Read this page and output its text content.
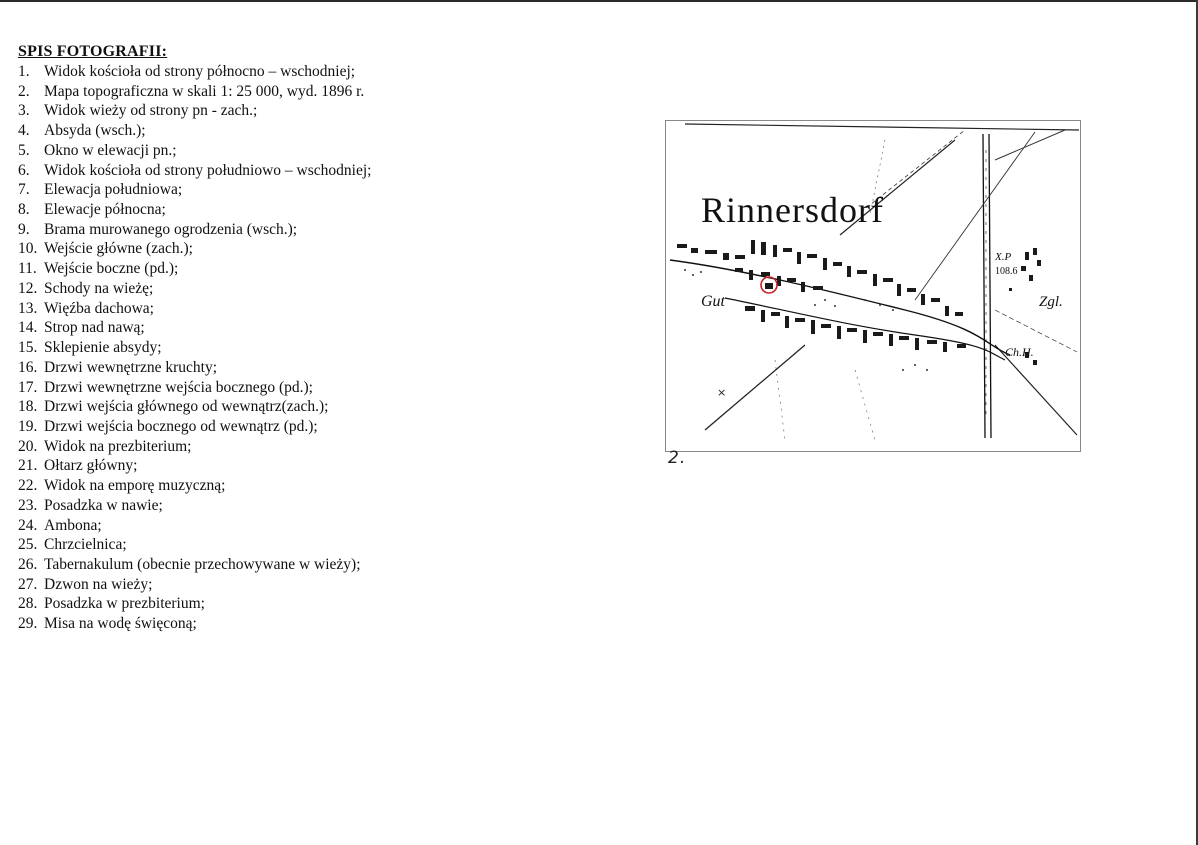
SPIS FOTOGRAFII:
1. Widok kościoła od strony północno – wschodniej;
2. Mapa topograficzna w skali 1: 25 000, wyd. 1896 r.
3. Widok wieży od strony pn - zach.;
4. Absyda (wsch.);
5. Okno w elewacji pn.;
6. Widok kościoła od strony południowo – wschodniej;
7. Elewacja południowa;
8. Elewacje północna;
9. Brama murowanego ogrodzenia (wsch.);
10. Wejście główne (zach.);
11. Wejście boczne (pd.);
12. Schody na wieżę;
13. Więźba dachowa;
14. Strop nad nawą;
15. Sklepienie absydy;
16. Drzwi wewnętrzne kruchty;
17. Drzwi wewnętrzne wejścia bocznego (pd.);
18. Drzwi wejścia głównego od wewnątrz(zach.);
19. Drzwi wejścia bocznego od wewnątrz (pd.);
20. Widok na prezbiterium;
21. Ołtarz główny;
22. Widok na emporę muzyczną;
23. Posadzka w nawie;
24. Ambona;
25. Chrzcielnica;
26. Tabernakulum (obecnie przechowywane w wieży);
27. Dzwon na wieży;
28. Posadzka w prezbiterium;
29. Misa na wodę święconą;
×
Rinnersdorf
Gut
X.P
108.6
Zgl.
Ch.H.
2.
